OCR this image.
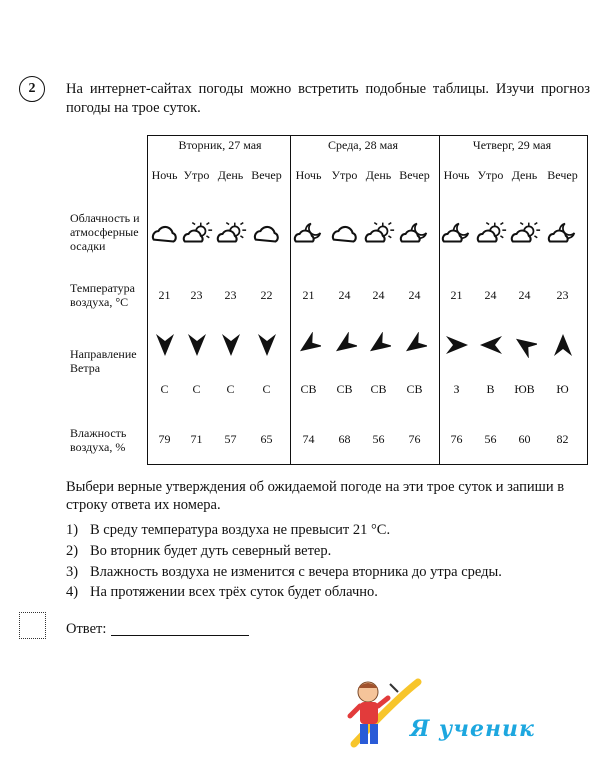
2	На интернет-сайтах погоды можно встретить подобные таблицы. Изучи прогноз погоды на трое суток.
Облачность и атмосферные осадки
Температура воздуха, °С
Направление Ветра
Влажность воздуха, %
Вторник, 27 мая
Ночь
21
С
79
Утро
23
С
71
День
23
С
57
Вечер
22
С
65
Среда, 28 мая
Ночь
21
СВ
74
Утро
24
СВ
68
День
24
СВ
56
Вечер
24
СВ
76
Четверг, 29 мая
Ночь
21
З
76
Утро
24
В
56
День
24
ЮВ
60
Вечер
23
Ю
82
Выбери верные утверждения об ожидаемой погоде на эти трое суток и запиши в строку ответа их номера.
1) В среду температура воздуха не превысит 21 °С.
2) Во вторник будет дуть северный ветер.
3) Влажность воздуха не изменится с вечера вторника до утра среды.
4) На протяжении всех трёх суток будет облачно.
Ответ:
Я ученик
